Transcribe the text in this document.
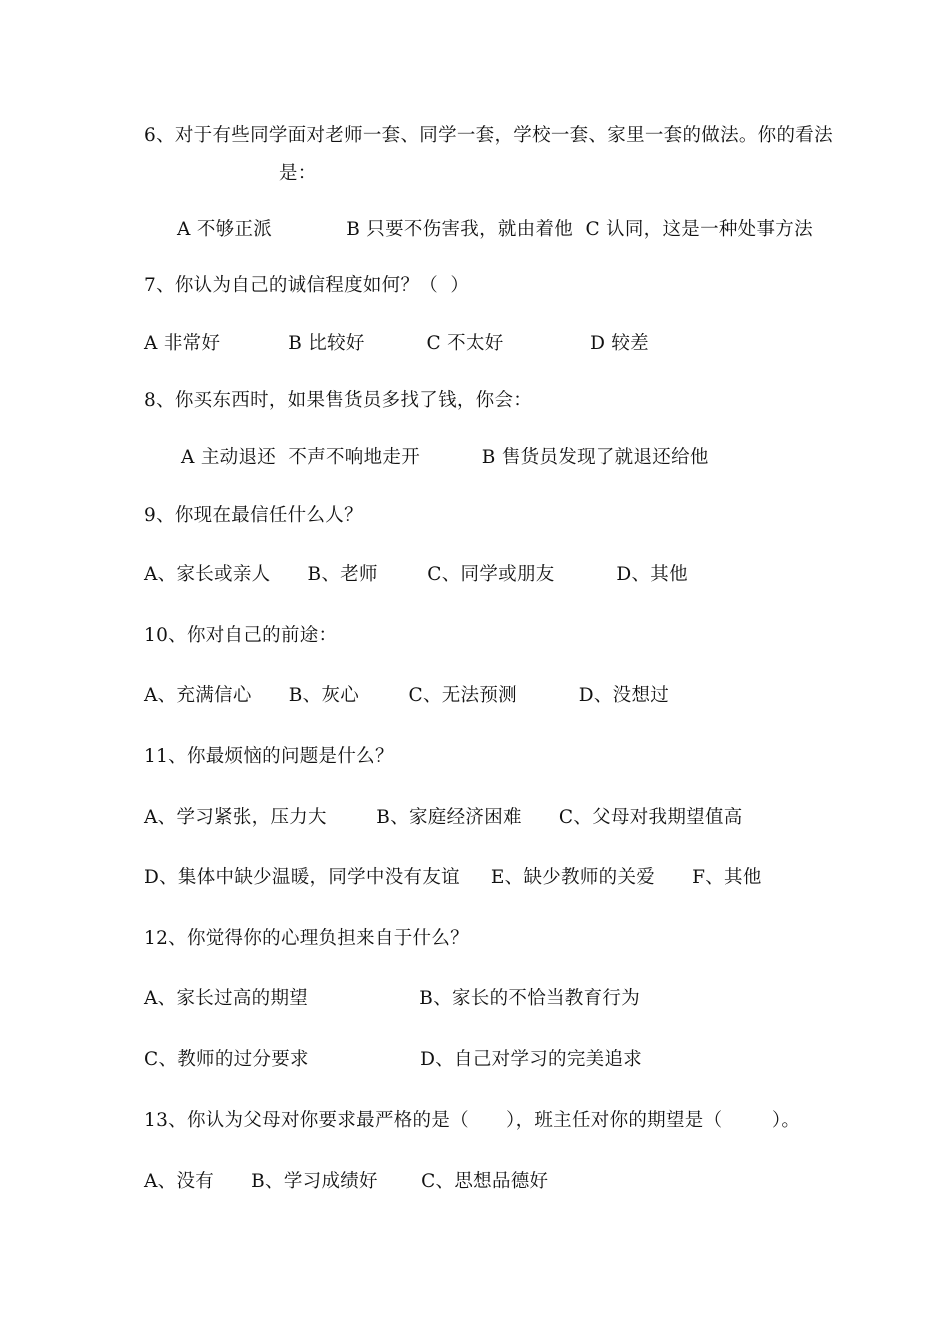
6、对于有些同学面对老师一套、同学一套，学校一套、家里一套的做法。你的看法
是：
A 不够正派            B 只要不伤害我，就由着他  C 认同，这是一种处事方法
7、你认为自己的诚信程度如何？（  ）
A 非常好           B 比较好          C 不太好              D 较差
8、你买东西时，如果售货员多找了钱，你会：
A 主动退还  不声不响地走开          B 售货员发现了就退还给他
9、你现在最信任什么人？
A、家长或亲人      B、老师        C、同学或朋友          D、其他
10、你对自己的前途：
A、充满信心      B、灰心        C、无法预测          D、没想过
11、你最烦恼的问题是什么？
A、学习紧张，压力大        B、家庭经济困难      C、父母对我期望值高
D、集体中缺少温暖，同学中没有友谊     E、缺少教师的关爱      F、其他
12、你觉得你的心理负担来自于什么？
A、家长过高的期望                  B、家长的不恰当教育行为
C、教师的过分要求                  D、自己对学习的完美追求
13、你认为父母对你要求最严格的是（      ），班主任对你的期望是（        ）。
A、没有      B、学习成绩好       C、思想品德好
